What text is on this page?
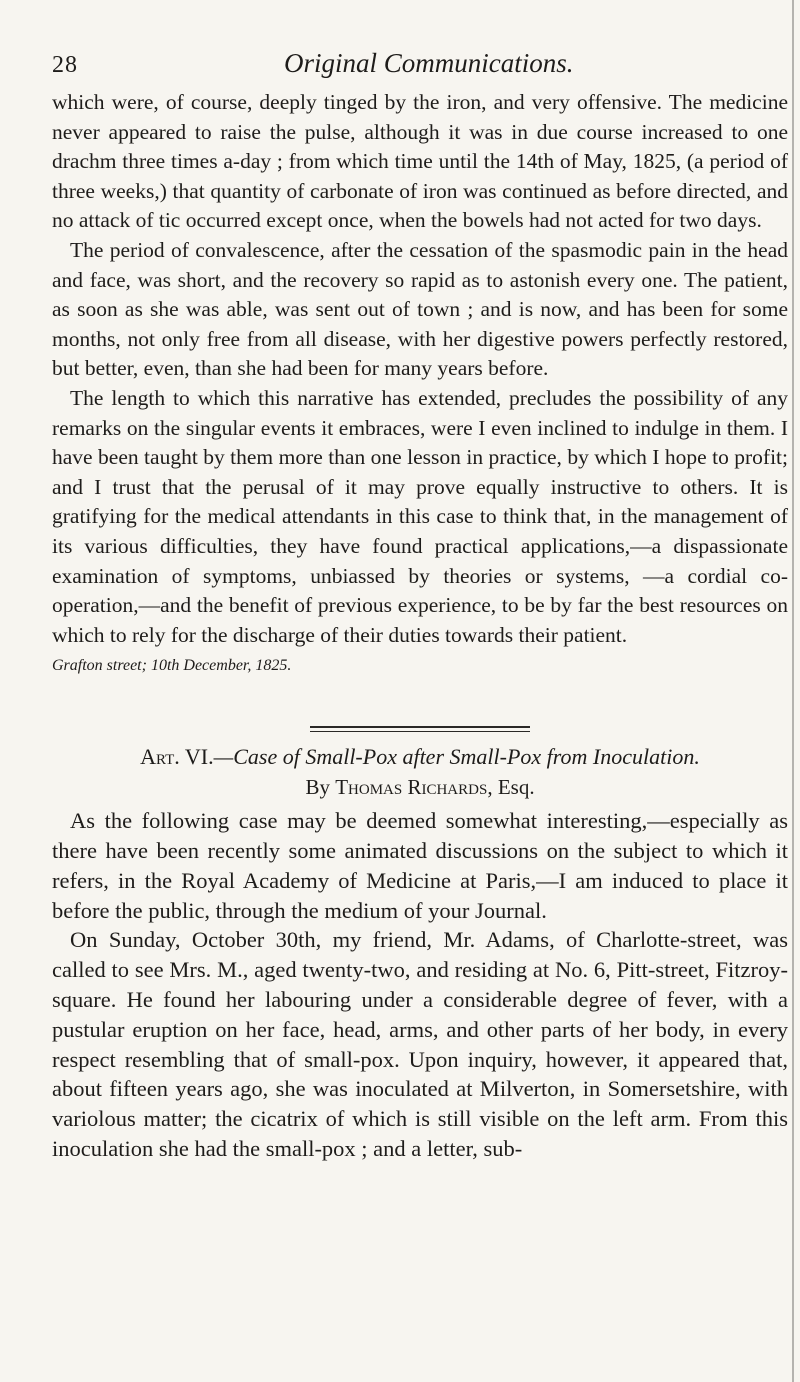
28	Original Communications.

which were, of course, deeply tinged by the iron, and very offensive. The medicine never appeared to raise the pulse, although it was in due course increased to one drachm three times a-day ; from which time until the 14th of May, 1825, (a period of three weeks,) that quantity of carbonate of iron was continued as before directed, and no attack of tic occurred except once, when the bowels had not acted for two days.

The period of convalescence, after the cessation of the spasmodic pain in the head and face, was short, and the recovery so rapid as to astonish every one. The patient, as soon as she was able, was sent out of town ; and is now, and has been for some months, not only free from all disease, with her digestive powers perfectly restored, but better, even, than she had been for many years before.

The length to which this narrative has extended, precludes the possibility of any remarks on the singular events it embraces, were I even inclined to indulge in them. I have been taught by them more than one lesson in practice, by which I hope to profit; and I trust that the perusal of it may prove equally instructive to others. It is gratifying for the medical attendants in this case to think that, in the management of its various difficulties, they have found practical applications,—a dispassionate examination of symptoms, unbiassed by theories or systems, —a cordial co-operation,—and the benefit of previous experience, to be by far the best resources on which to rely for the discharge of their duties towards their patient.

Grafton street; 10th December, 1825.
Art. VI.—Case of Small-Pox after Small-Pox from Inoculation.
By Thomas Richards, Esq.

As the following case may be deemed somewhat interesting,—especially as there have been recently some animated discussions on the subject to which it refers, in the Royal Academy of Medicine at Paris,—I am induced to place it before the public, through the medium of your Journal.

On Sunday, October 30th, my friend, Mr. Adams, of Charlotte-street, was called to see Mrs. M., aged twenty-two, and residing at No. 6, Pitt-street, Fitzroy-square. He found her labouring under a considerable degree of fever, with a pustular eruption on her face, head, arms, and other parts of her body, in every respect resembling that of small-pox. Upon inquiry, however, it appeared that, about fifteen years ago, she was inoculated at Milverton, in Somersetshire, with variolous matter; the cicatrix of which is still visible on the left arm. From this inoculation she had the small-pox ; and a letter, sub-
